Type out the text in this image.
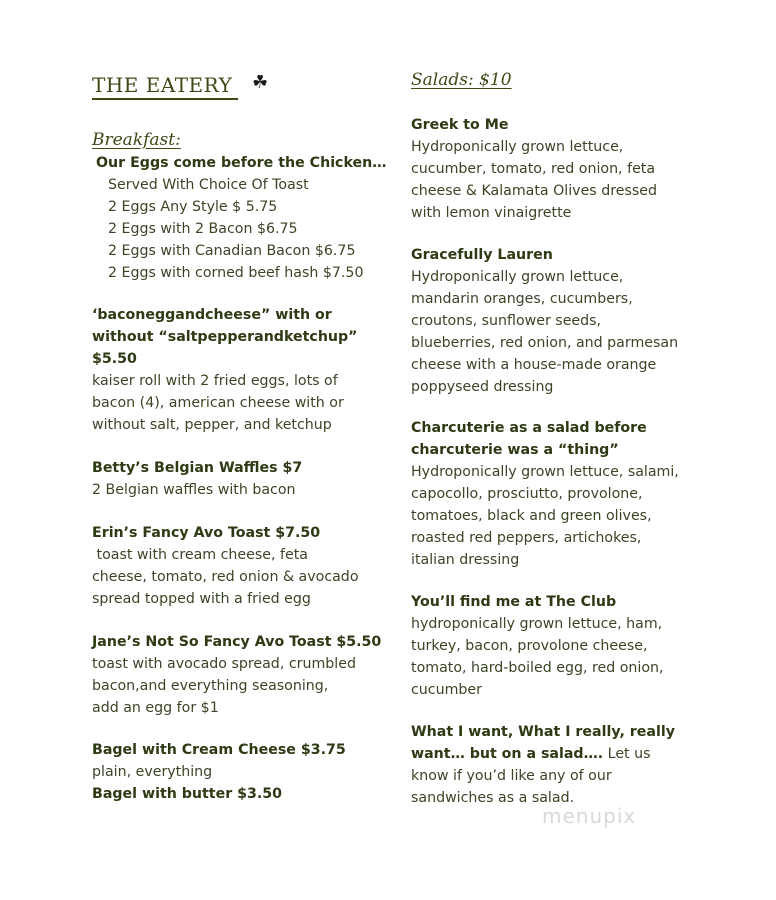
THE EATERY	☘
Breakfast:
Our Eggs come before the Chicken…
Served With Choice Of Toast
2 Eggs Any Style $ 5.75
2 Eggs with 2 Bacon $6.75
2 Eggs with Canadian Bacon $6.75
2 Eggs with corned beef hash $7.50
‘baconeggandcheese” with or
without “saltpepperandketchup”
$5.50
kaiser roll with 2 fried eggs, lots of
bacon (4), american cheese with or
without salt, pepper, and ketchup
Betty’s Belgian Waffles $7
2 Belgian waffles with bacon
Erin’s Fancy Avo Toast $7.50
toast with cream cheese, feta
cheese, tomato, red onion & avocado
spread topped with a fried egg
Jane’s Not So Fancy Avo Toast $5.50
toast with avocado spread, crumbled
bacon,and everything seasoning,
add an egg for $1
Bagel with Cream Cheese $3.75
plain, everything
Bagel with butter $3.50
Salads: $10
Greek to Me
Hydroponically grown lettuce,
cucumber, tomato, red onion, feta
cheese & Kalamata Olives dressed
with lemon vinaigrette
Gracefully Lauren
Hydroponically grown lettuce,
mandarin oranges, cucumbers,
croutons, sunflower seeds,
blueberries, red onion, and parmesan
cheese with a house-made orange
poppyseed dressing
Charcuterie as a salad before
charcuterie was a “thing”
Hydroponically grown lettuce, salami,
capocollo, prosciutto, provolone,
tomatoes, black and green olives,
roasted red peppers, artichokes,
italian dressing
You’ll find me at The Club
hydroponically grown lettuce, ham,
turkey, bacon, provolone cheese,
tomato, hard-boiled egg, red onion,
cucumber
What I want, What I really, really
want… but on a salad…. Let us
know if you’d like any of our
sandwiches as a salad.
menupix
